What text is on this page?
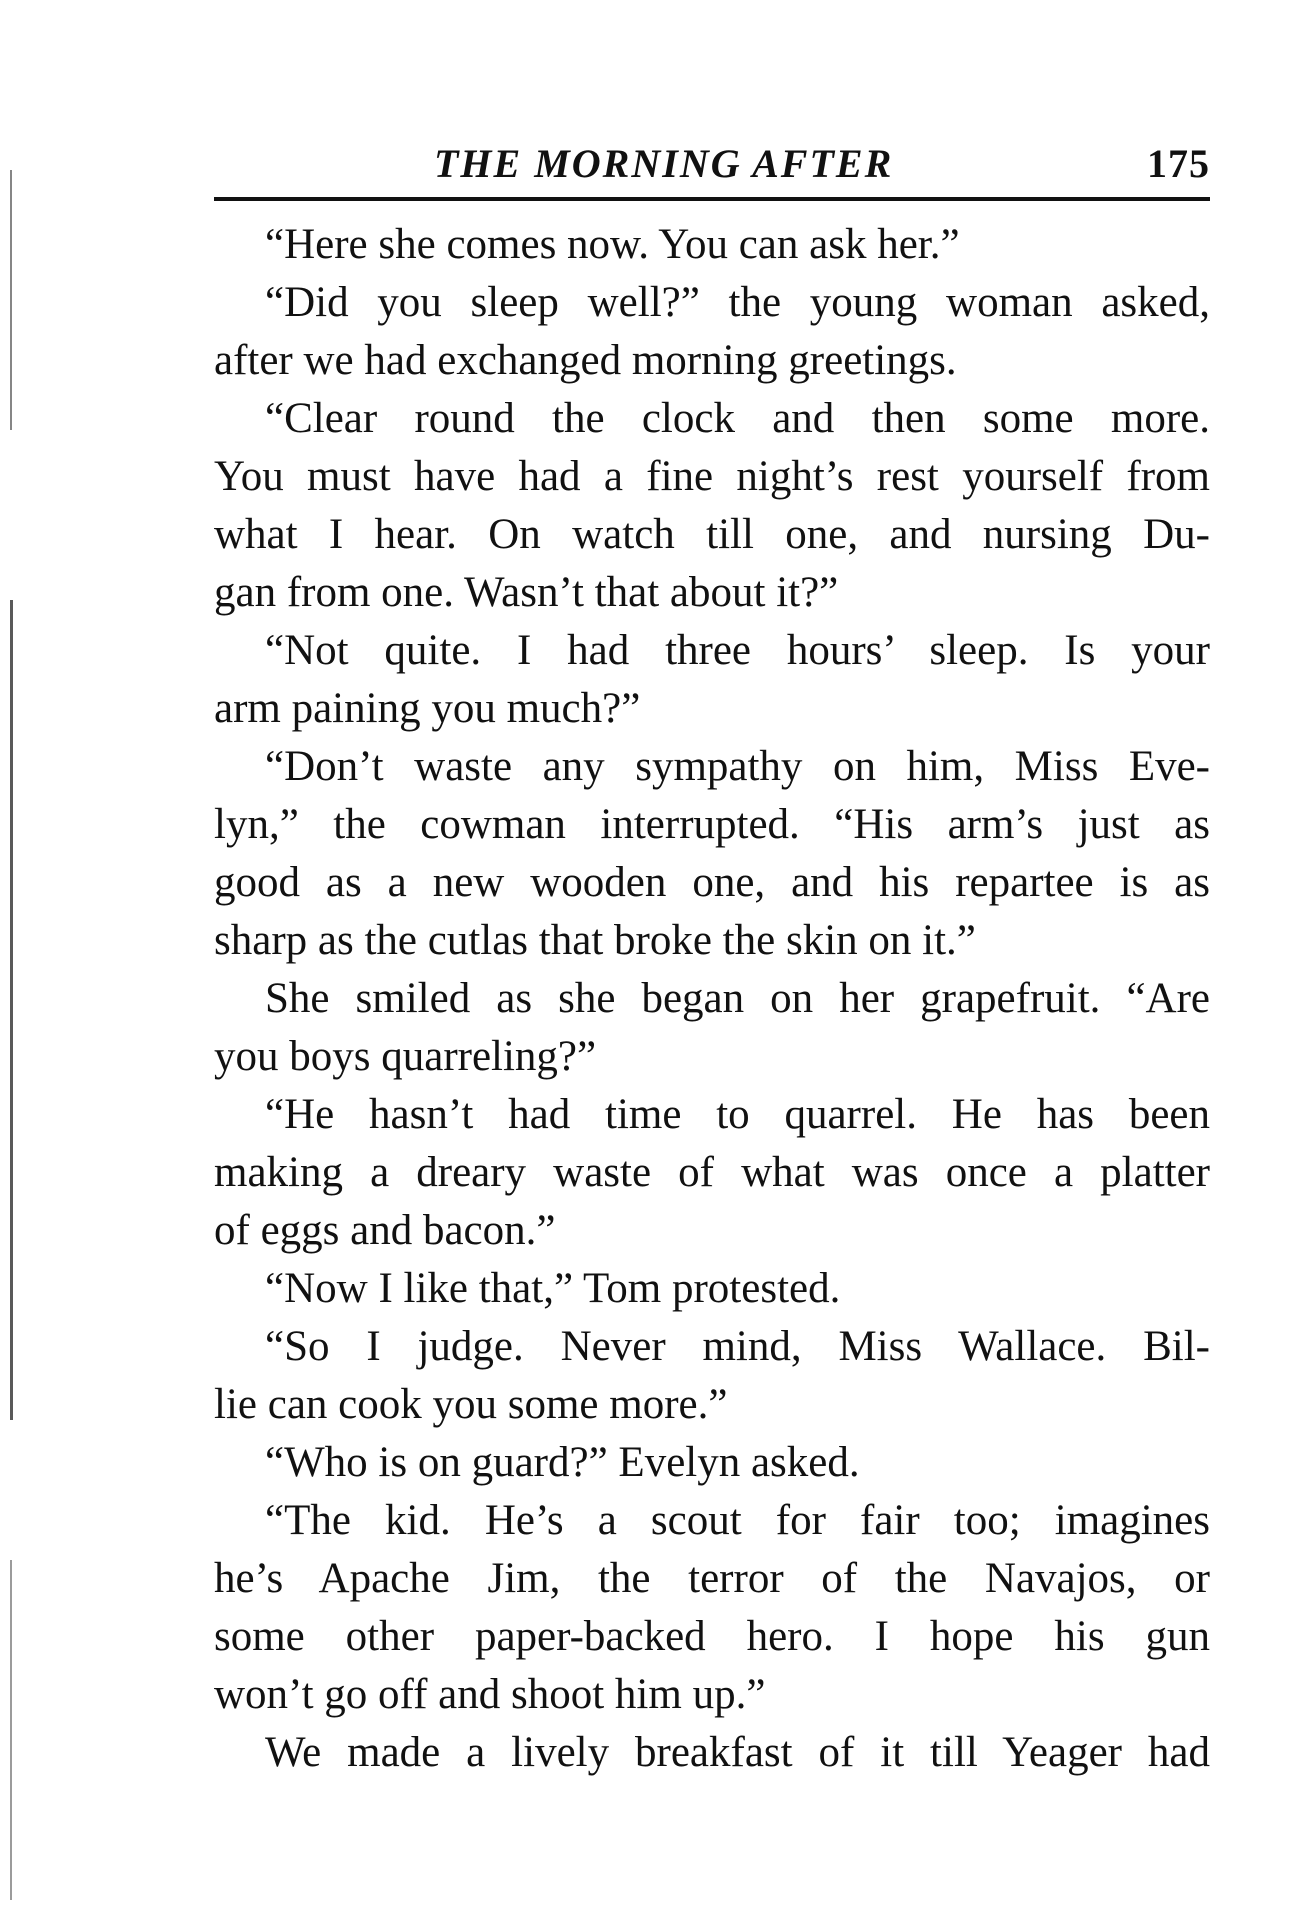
THE MORNING AFTER	175
“Here she comes now. You can ask her.”
“Did you sleep well?” the young woman asked,
after we had exchanged morning greetings.
“Clear round the clock and then some more.
You must have had a fine night’s rest yourself from
what I hear. On watch till one, and nursing Du-
gan from one. Wasn’t that about it?”
“Not quite. I had three hours’ sleep. Is your
arm paining you much?”
“Don’t waste any sympathy on him, Miss Eve-
lyn,” the cowman interrupted. “His arm’s just as
good as a new wooden one, and his repartee is as
sharp as the cutlas that broke the skin on it.”
She smiled as she began on her grapefruit. “Are
you boys quarreling?”
“He hasn’t had time to quarrel. He has been
making a dreary waste of what was once a platter
of eggs and bacon.”
“Now I like that,” Tom protested.
“So I judge. Never mind, Miss Wallace. Bil-
lie can cook you some more.”
“Who is on guard?” Evelyn asked.
“The kid. He’s a scout for fair too; imagines
he’s Apache Jim, the terror of the Navajos, or
some other paper-backed hero. I hope his gun
won’t go off and shoot him up.”
We made a lively breakfast of it till Yeager had
